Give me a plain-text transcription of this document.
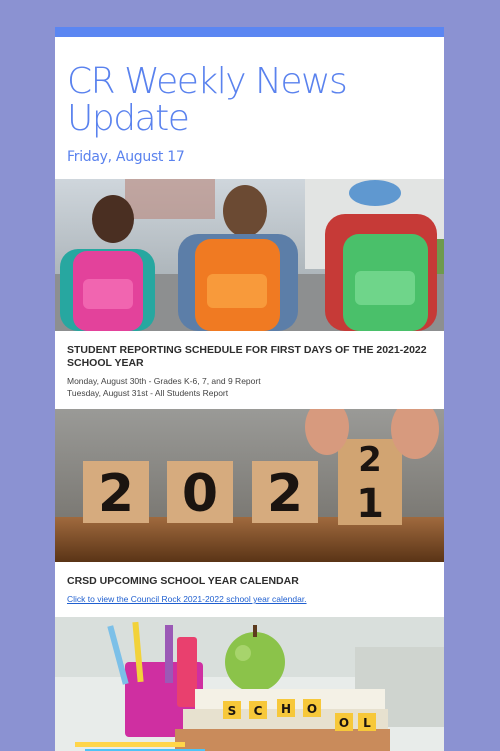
CR Weekly News
Update
Friday, August 17
STUDENT REPORTING SCHEDULE FOR FIRST DAYS OF THE 2021-2022 SCHOOL YEAR
Monday, August 30th - Grades K-6, 7, and 9 Report
Tuesday, August 31st - All Students Report
2 0 2
2
1
CRSD UPCOMING SCHOOL YEAR CALENDAR
Click to view the Council Rock 2021-2022 school year calendar.
S C H O
O L
